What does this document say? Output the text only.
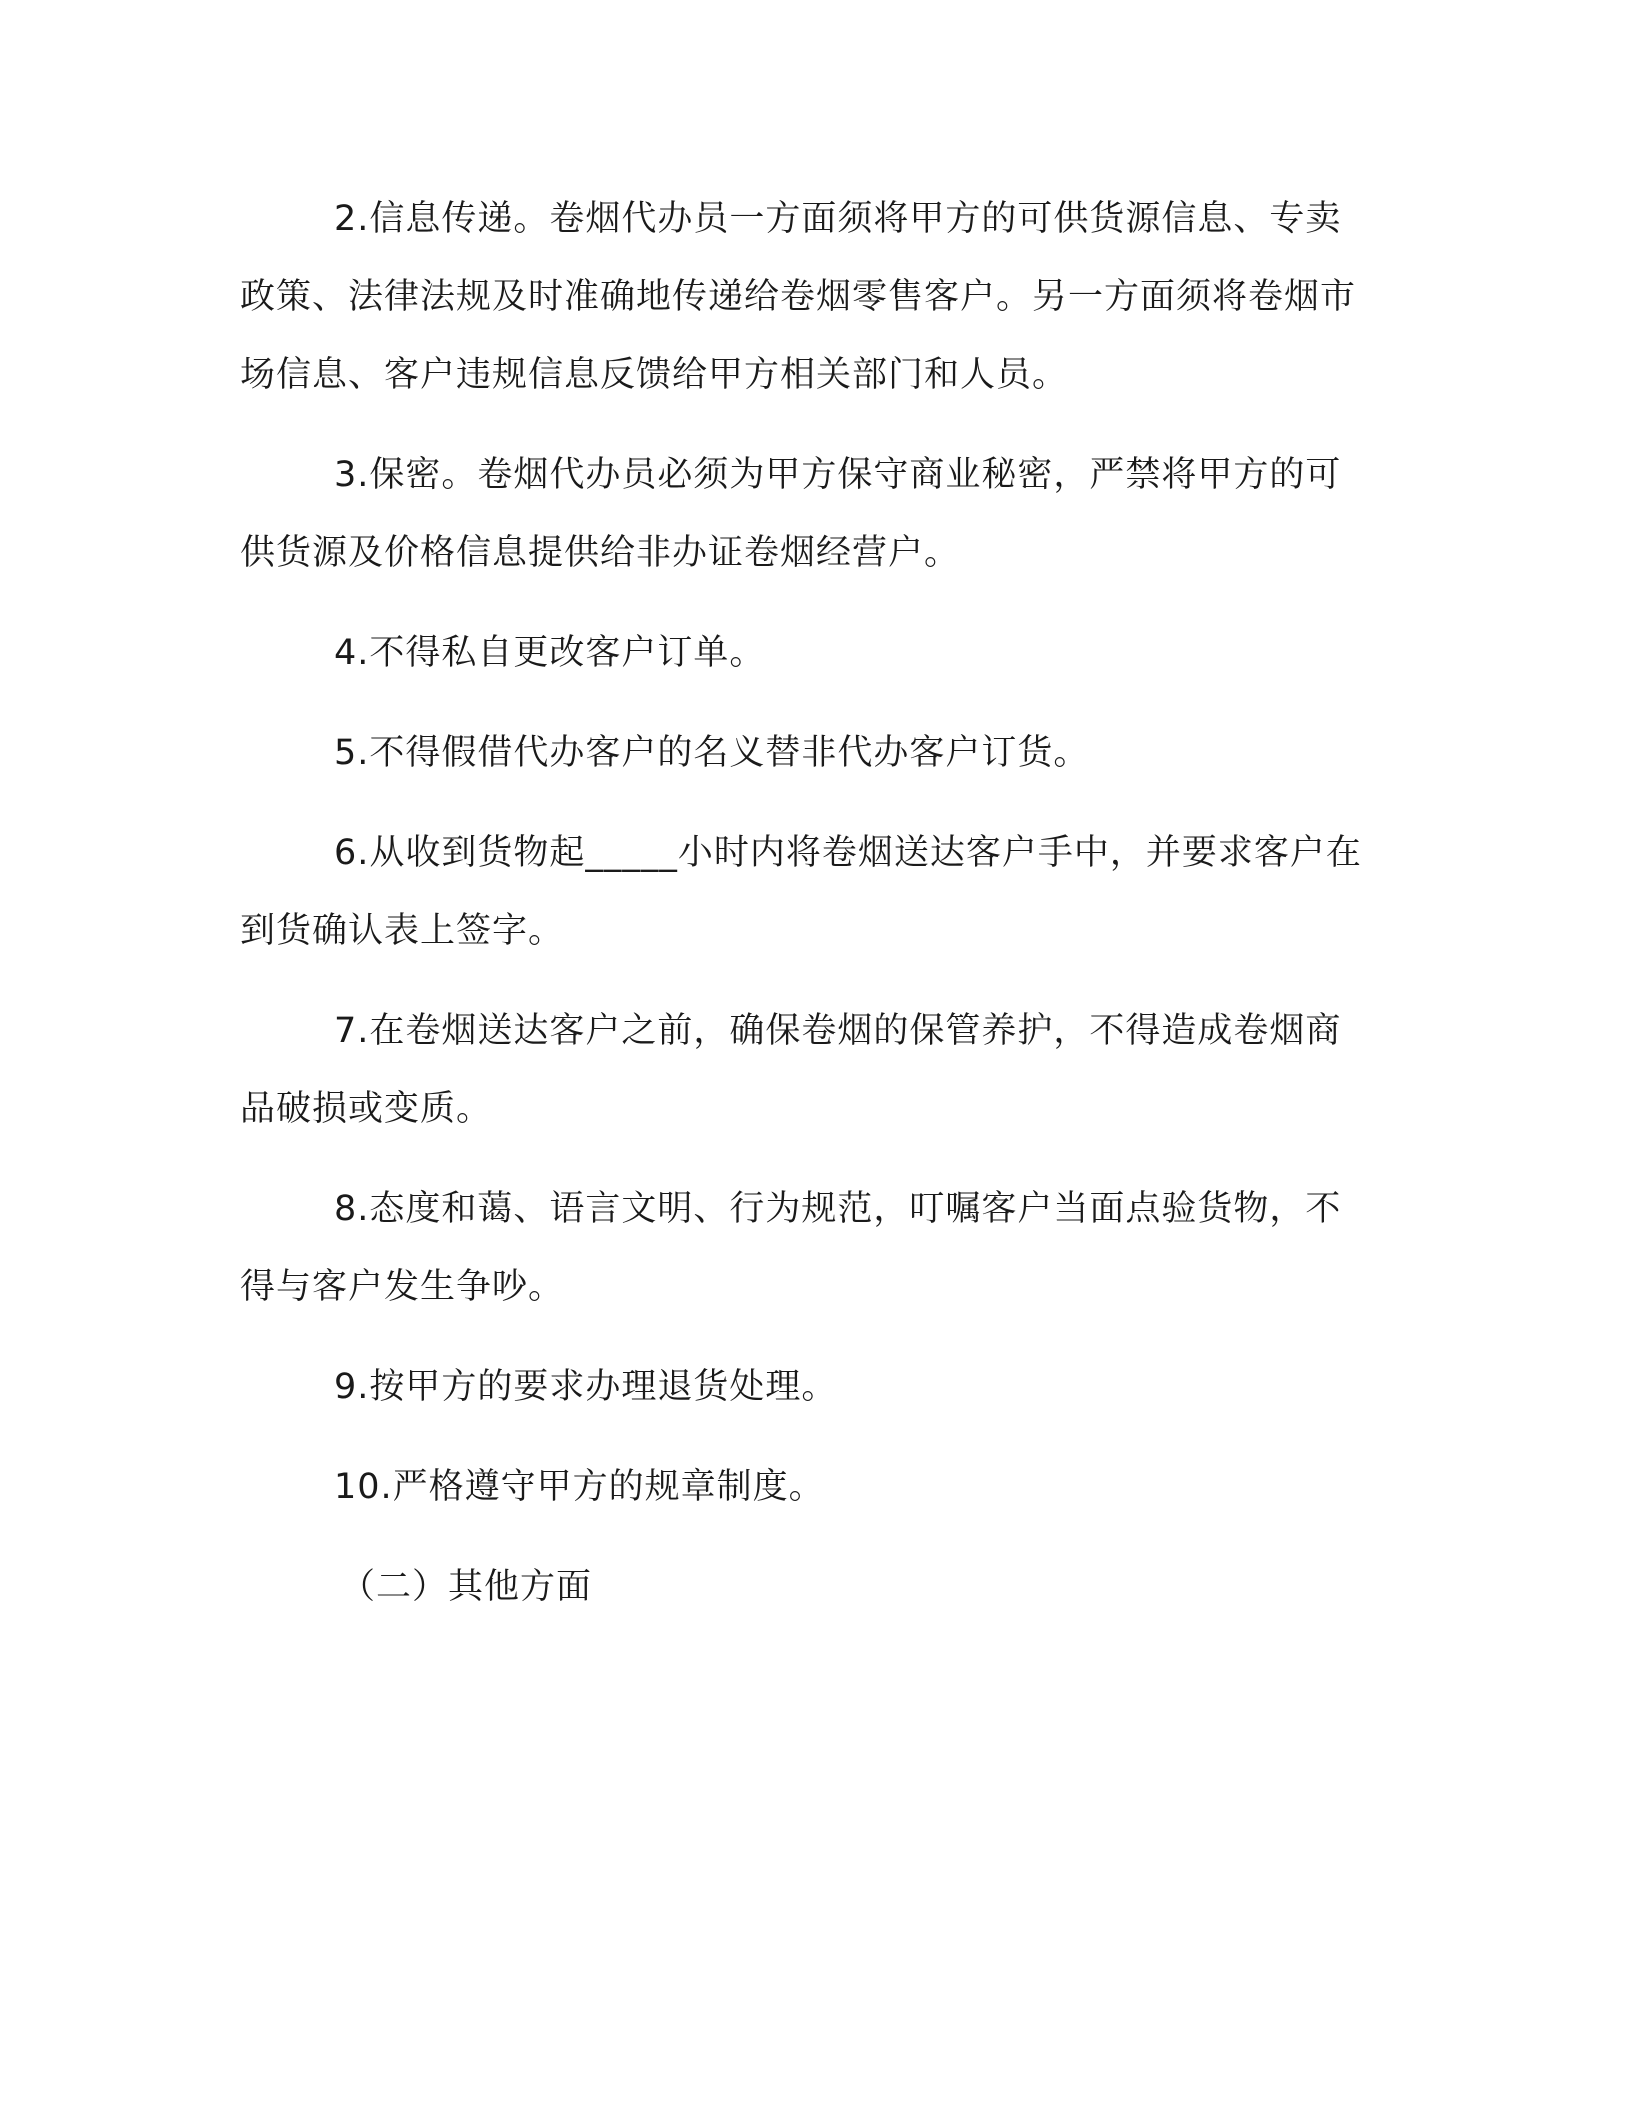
2.信息传递。卷烟代办员一方面须将甲方的可供货源信息、专卖政策、法律法规及时准确地传递给卷烟零售客户。另一方面须将卷烟市场信息、客户违规信息反馈给甲方相关部门和人员。

3.保密。卷烟代办员必须为甲方保守商业秘密，严禁将甲方的可供货源及价格信息提供给非办证卷烟经营户。

4.不得私自更改客户订单。

5.不得假借代办客户的名义替非代办客户订货。

6.从收到货物起_____小时内将卷烟送达客户手中，并要求客户在到货确认表上签字。

7.在卷烟送达客户之前，确保卷烟的保管养护，不得造成卷烟商品破损或变质。

8.态度和蔼、语言文明、行为规范，叮嘱客户当面点验货物，不得与客户发生争吵。

9.按甲方的要求办理退货处理。

10.严格遵守甲方的规章制度。

（二）其他方面
